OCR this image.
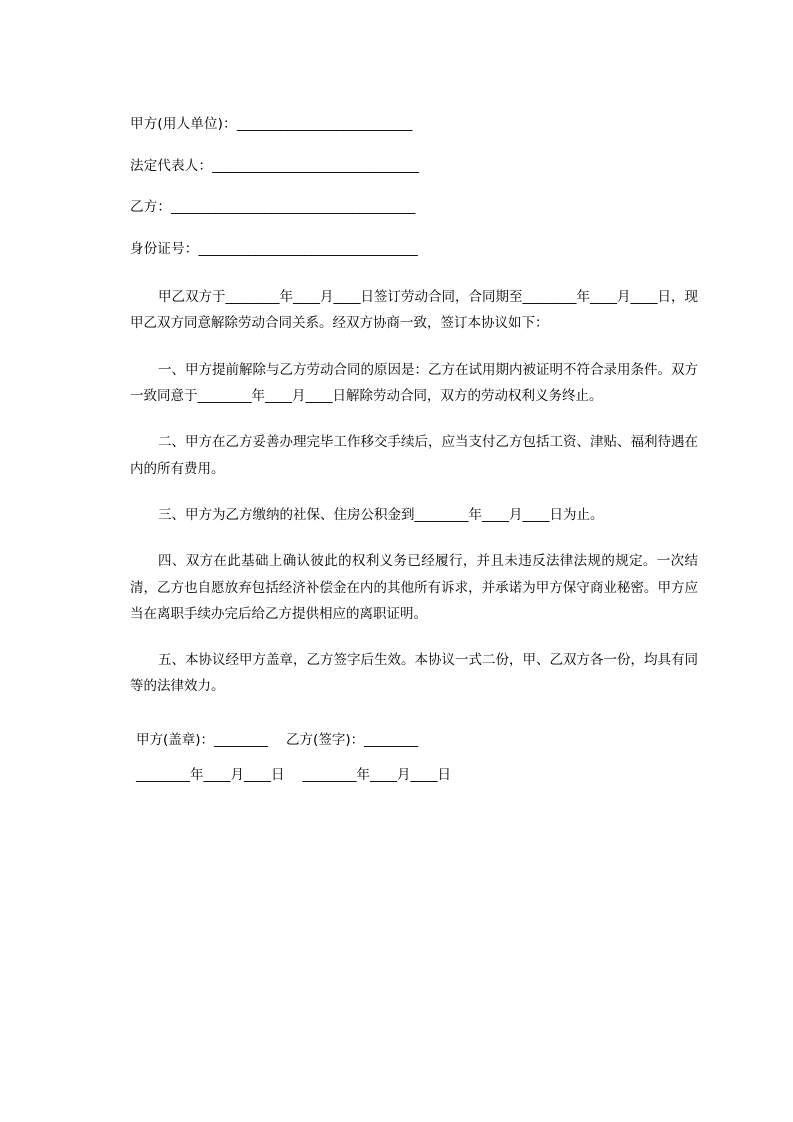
甲方(用人单位)：____________________________
法定代表人：_________________________________
乙方：_______________________________________
身份证号：___________________________________

甲乙双方于________年____月____日签订劳动合同，合同期至________年____月____日，现甲乙双方同意解除劳动合同关系。经双方协商一致，签订本协议如下：

一、甲方提前解除与乙方劳动合同的原因是：乙方在试用期内被证明不符合录用条件。双方一致同意于________年____月____日解除劳动合同，双方的劳动权利义务终止。

二、甲方在乙方妥善办理完毕工作移交手续后，应当支付乙方包括工资、津贴、福利待遇在内的所有费用。

三、甲方为乙方缴纳的社保、住房公积金到________年____月____日为止。

四、双方在此基础上确认彼此的权利义务已经履行，并且未违反法律法规的规定。一次结清，乙方也自愿放弃包括经济补偿金在内的其他所有诉求，并承诺为甲方保守商业秘密。甲方应当在离职手续办完后给乙方提供相应的离职证明。

五、本协议经甲方盖章，乙方签字后生效。本协议一式二份，甲、乙双方各一份，均具有同等的法律效力。

甲方(盖章)：________ 乙方(签字)：________
________年____月____日 ________年____月____日
